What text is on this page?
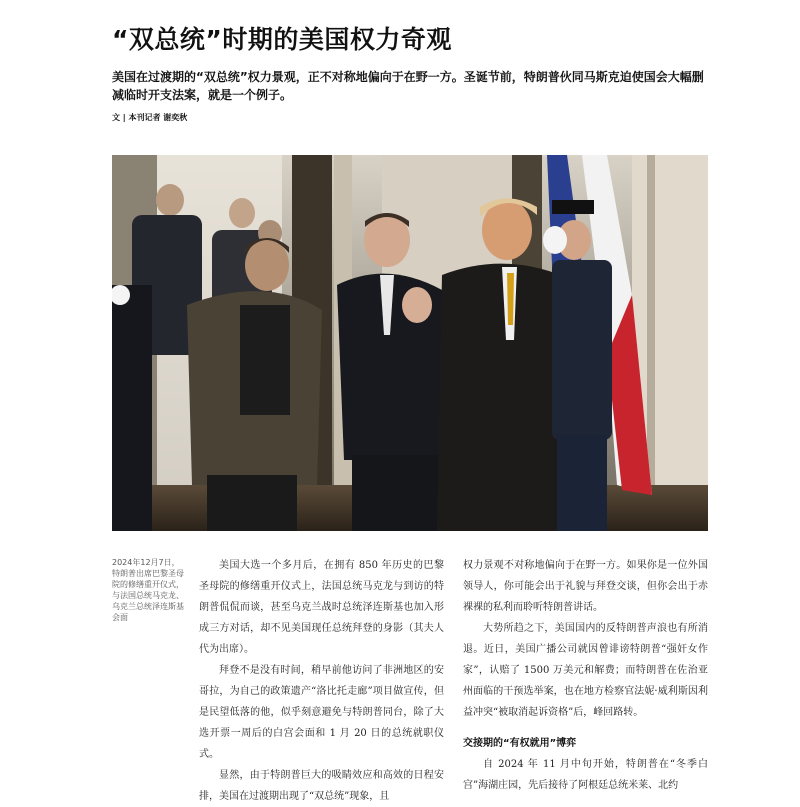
“双总统”时期的美国权力奇观
美国在过渡期的“双总统”权力景观，正不对称地偏向于在野一方。圣诞节前，特朗普伙同马斯克迫使国会大幅删减临时开支法案，就是一个例子。
文 | 本刊记者 谢奕秋
2024年12月7日，特朗普出席巴黎圣母院的修缮重开仪式，与法国总统马克龙、乌克兰总统泽连斯基会面

美国大选一个多月后，在拥有 850 年历史的巴黎圣母院的修缮重开仪式上，法国总统马克龙与到访的特朗普侃侃而谈，甚至乌克兰战时总统泽连斯基也加入形成三方对话，却不见美国现任总统拜登的身影（其夫人代为出席）。

拜登不是没有时间，稍早前他访问了非洲地区的安哥拉，为自己的政策遗产“洛比托走廊”项目做宣传，但是民望低落的他，似乎刻意避免与特朗普同台，除了大选开票一周后的白宫会面和 1 月 20 日的总统就职仪式。

显然，由于特朗普巨大的吸睛效应和高效的日程安排，美国在过渡期出现了“双总统”现象，且

权力景观不对称地偏向于在野一方。如果你是一位外国领导人，你可能会出于礼貌与拜登交谈，但你会出于赤裸裸的私利而聆听特朗普讲话。

大势所趋之下，美国国内的反特朗普声浪也有所消退。近日，美国广播公司就因曾诽谤特朗普“强奸女作家”，认赔了 1500 万美元和解费；而特朗普在佐治亚州面临的干预选举案，也在地方检察官法妮·威利斯因利益冲突“被取消起诉资格”后，峰回路转。

交接期的“有权就用”博弈

自 2024 年 11 月中旬开始，特朗普在“冬季白宫”海湖庄园，先后接待了阿根廷总统米莱、北约
